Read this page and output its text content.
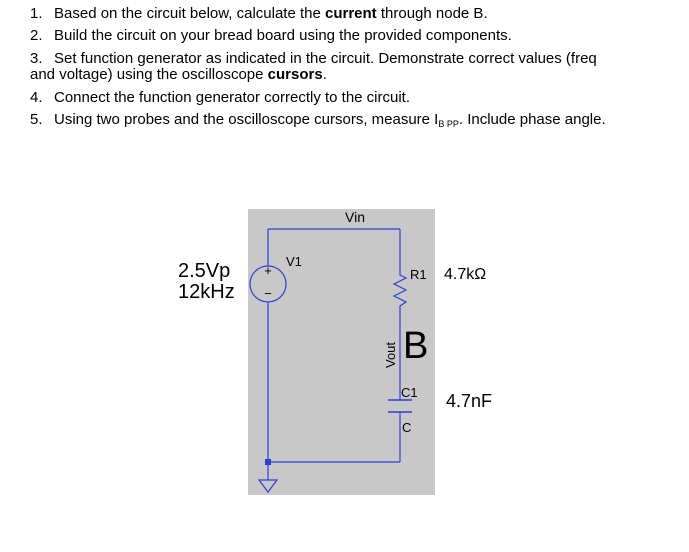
1. Based on the circuit below, calculate the current through node B.
2. Build the circuit on your bread board using the provided components.
3. Set function generator as indicated in the circuit. Demonstrate correct values (freq
and voltage) using the oscilloscope cursors.
4. Connect the function generator correctly to the circuit.
5. Using two probes and the oscilloscope cursors, measure $I_{B PP}$. Include phase angle.
+
−
Vin
V1
R1 4.7kΩ
2.5Vp
12kHz
Vout B
C1 4.7nF
C
